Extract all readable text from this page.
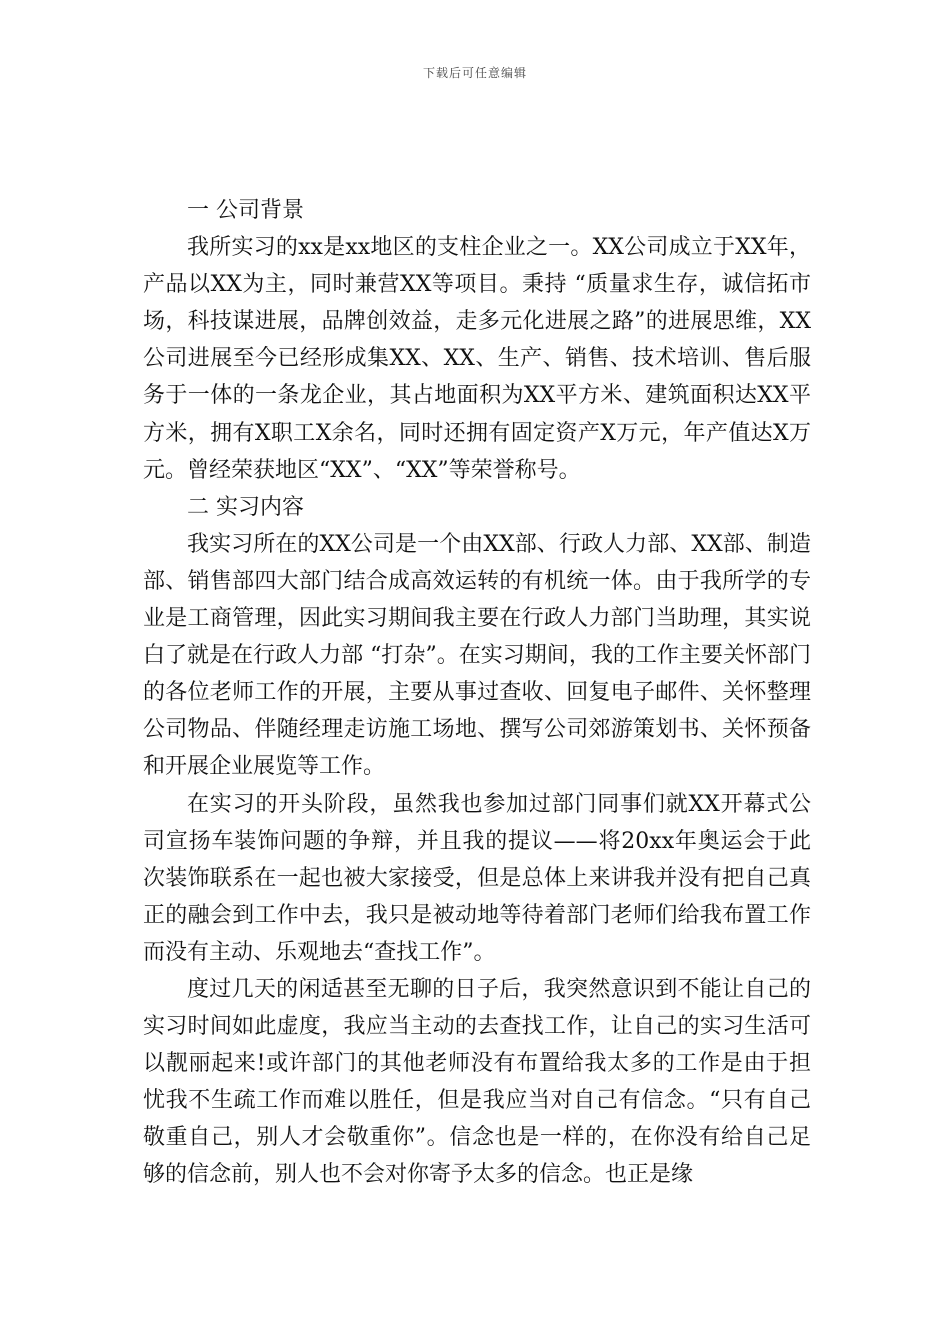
下载后可任意编辑

一 公司背景

我所实习的xx是xx地区的支柱企业之一。XX公司成立于XX年，产品以XX为主，同时兼营XX等项目。秉持 “质量求生存，诚信拓市场，科技谋进展，品牌创效益，走多元化进展之路”的进展思维，XX公司进展至今已经形成集XX、XX、生产、销售、技术培训、售后服务于一体的一条龙企业，其占地面积为XX平方米、建筑面积达XX平方米，拥有X职工X余名，同时还拥有固定资产X万元，年产值达X万元。曾经荣获地区“XX”、“XX”等荣誉称号。

二 实习内容

我实习所在的XX公司是一个由XX部、行政人力部、XX部、制造部、销售部四大部门结合成高效运转的有机统一体。由于我所学的专业是工商管理，因此实习期间我主要在行政人力部门当助理，其实说白了就是在行政人力部 “打杂”。在实习期间，我的工作主要关怀部门的各位老师工作的开展，主要从事过查收、回复电子邮件、关怀整理公司物品、伴随经理走访施工场地、撰写公司郊游策划书、关怀预备和开展企业展览等工作。

在实习的开头阶段，虽然我也参加过部门同事们就XX开幕式公司宣扬车装饰问题的争辩，并且我的提议——将20xx年奥运会于此次装饰联系在一起也被大家接受，但是总体上来讲我并没有把自己真正的融会到工作中去，我只是被动地等待着部门老师们给我布置工作而没有主动、乐观地去“查找工作”。

度过几天的闲适甚至无聊的日子后，我突然意识到不能让自己的实习时间如此虚度，我应当主动的去查找工作，让自己的实习生活可以靓丽起来!或许部门的其他老师没有布置给我太多的工作是由于担忧我不生疏工作而难以胜任，但是我应当对自己有信念。“只有自己敬重自己，别人才会敬重你”。信念也是一样的，在你没有给自己足够的信念前，别人也不会对你寄予太多的信念。也正是缘
